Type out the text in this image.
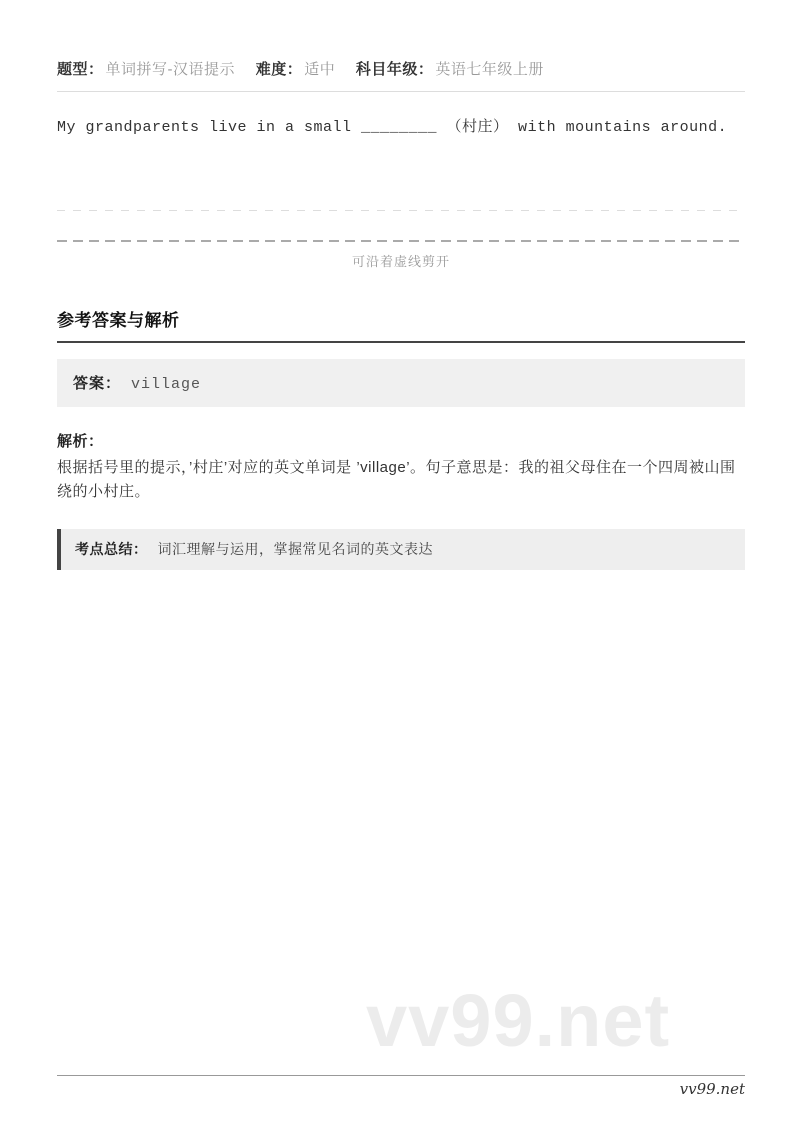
题型： 单词拼写-汉语提示 难度： 适中 科目年级： 英语七年级上册
My grandparents live in a small ________ （村庄） with mountains around.
可沿着虚线剪开
参考答案与解析
答案： village
解析：
根据括号里的提示，’村庄’对应的英文单词是 ’village’。句子意思是：我的祖父母住在一个四周被山围绕的小村庄。
考点总结： 词汇理解与运用，掌握常见名词的英文表达
vv99.net
vv99.net
